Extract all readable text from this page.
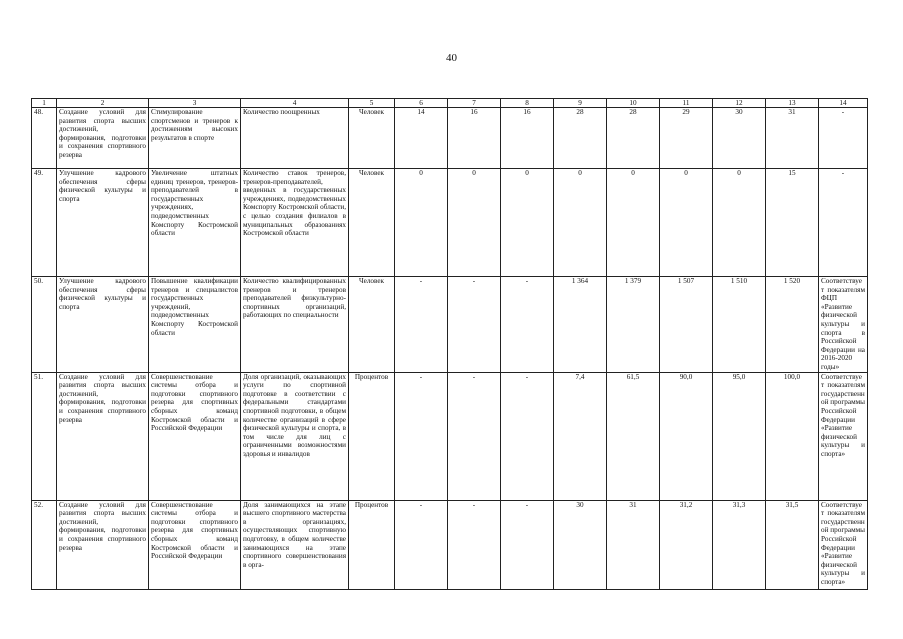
40
1	2	3	4	5	6	7	8	9	10	11	12	13	14
48.	Создание условий для развития спорта высших достижений, формирования, подготовки и сохранения спортивного резерва	Стимулирование спортсменов и тренеров к достижениям высоких результатов в спорте	Количество поощренных	Человек	14	16	16	28	28	29	30	31	-
49.	Улучшение кадрового обеспечения сферы физической культуры и спорта	Увеличение штатных единиц тренеров, тренеров-преподавателей в государственных учреждениях, подведомственных Комспорту Костромской области	Количество ставок тренеров, тренеров-преподавателей, введенных в государственных учреждениях, подведомственных Комспорту Костромской области, с целью создания филиалов в муниципальных образованиях Костромской области	Человек	0	0	0	0	0	0	0	15	-
50.	Улучшение кадрового обеспечения сферы физической культуры и спорта	Повышение квалификации тренеров и специалистов государственных учреждений, подведомственных Комспорту Костромской области	Количество квалифицированных тренеров и тренеров преподавателей физкультурно-спортивных организаций, работающих по специальности	Человек	-	-	-	1 364	1 379	1 507	1 510	1 520	Соответствует показателям ФЦП «Развитие физической культуры и спорта в Российской Федерации на 2016-2020 годы»
51.	Создание условий для развития спорта высших достижений, формирования, подготовки и сохранения спортивного резерва	Совершенствование системы отбора и подготовки спортивного резерва для спортивных сборных команд Костромской области и Российской Федерации	Доля организаций, оказывающих услуги по спортивной подготовке в соответствии с федеральными стандартами спортивной подготовки, в общем количестве организаций в сфере физической культуры и спорта, в том числе для лиц с ограниченными возможностями здоровья и инвалидов	Процентов	-	-	-	7,4	61,5	90,0	95,0	100,0	Соответствует показателям государственной программы Российской Федерации «Развитие физической культуры и спорта»
52.	Создание условий для развития спорта высших достижений, формирования, подготовки и сохранения спортивного резерва	Совершенствование системы отбора и подготовки спортивного резерва для спортивных сборных команд Костромской области и Российской Федерации	Доля занимающихся на этапе высшего спортивного мастерства в организациях, осуществляющих спортивную подготовку, в общем количестве занимающихся на этапе спортивного совершенствования в орга-	Процентов	-	-	-	30	31	31,2	31,3	31,5	Соответствует показателям государственной программы Российской Федерации «Развитие физической культуры и спорта»
